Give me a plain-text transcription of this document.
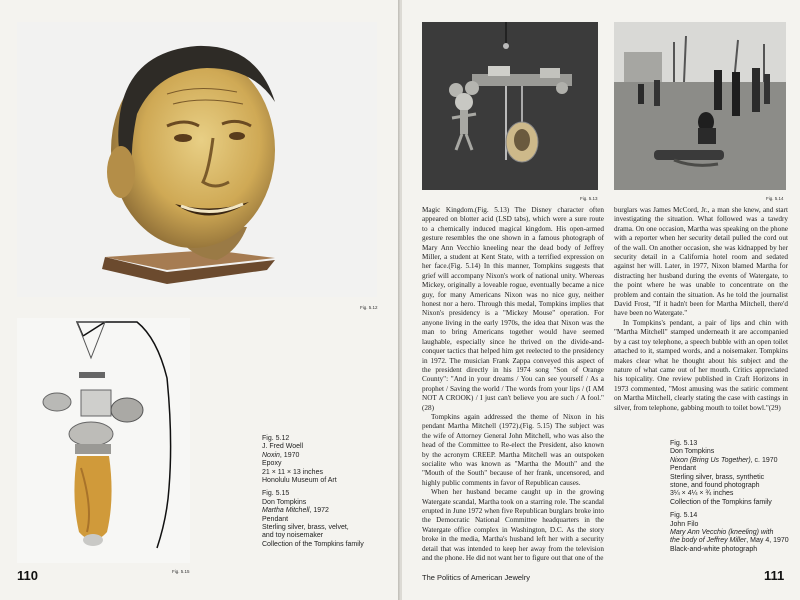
Fig. 5.12
Fig. 5.15

Fig. 5.12
J. Fred Woell
Noxin, 1970
Epoxy
21 × 11 × 13 inches
Honolulu Museum of Art

Fig. 5.15
Don Tompkins
Martha Mitchell, 1972
Pendant
Sterling silver, brass, velvet,
and toy noisemaker
Collection of the Tompkins family

110
Fig. 5.13	Fig. 5.14

Magic Kingdom.(Fig. 5.13) The Disney character often appeared on blotter acid (LSD tabs), which were a sure route to a chemically induced magical kingdom. His open-armed gesture resembles the one shown in a famous photograph of Mary Ann Vecchio kneeling near the dead body of Jeffrey Miller, a student at Kent State, with a terrified expression on her face.(Fig. 5.14) In this manner, Tompkins suggests that grief will accompany Nixon's work of national unity. Whereas Mickey, originally a loveable rogue, eventually became a nice guy, for many Americans Nixon was no nice guy, neither honest nor a hero. Through this medal, Tompkins implies that Nixon's presidency is a "Mickey Mouse" operation. For anyone living in the early 1970s, the idea that Nixon was the man to bring Americans together would have seemed laughable, especially since he thrived on the divide-and-conquer tactics that helped him get reelected to the presidency in 1972. The musician Frank Zappa conveyed this aspect of the president directly in his 1974 song "Son of Orange County": "And in your dreams / You can see yourself / As a prophet / Saving the world / The words from your lips / (I AM NOT A CROOK) / I just can't believe you are such / A fool."(28)

Tompkins again addressed the theme of Nixon in his pendant Martha Mitchell (1972).(Fig. 5.15) The subject was the wife of Attorney General John Mitchell, who was also the head of the Committee to Re-elect the President, also known by the acronym CREEP. Martha Mitchell was an outspoken socialite who was known as "Martha the Mouth" and the "Mouth of the South" because of her frank, uncensored, and highly public comments in favor of Republican causes.

When her husband became caught up in the growing Watergate scandal, Martha took on a starring role. The scandal erupted in June 1972 when five Republican burglars broke into the Democratic National Committee headquarters in the Watergate office complex in Washington, D.C. As the story broke in the media, Martha's husband left her with a security detail that was intended to keep her away from the television and the phone. He did not want her to figure out that one of the

burglars was James McCord, Jr., a man she knew, and start investigating the situation. What followed was a tawdry drama. On one occasion, Martha was speaking on the phone with a reporter when her security detail pulled the cord out of the wall. On another occasion, she was kidnapped by her security detail in a California hotel room and sedated against her will. Later, in 1977, Nixon blamed Martha for distracting her husband during the events of Watergate, to the point where he was unable to concentrate on the problem and contain the situation. As he told the journalist David Frost, "If it hadn't been for Martha Mitchell, there'd have been no Watergate."

In Tompkins's pendant, a pair of lips and chin with "Martha Mitchell" stamped underneath it are accompanied by a cast toy telephone, a speech bubble with an open toilet attached to it, stamped words, and a noisemaker. Tompkins makes clear what he thought about his subject and the nature of what came out of her mouth. Critics appreciated his topicality. One review published in Craft Horizons in 1973 commented, "Most amusing was the satiric comment on Martha Mitchell, clearly stating the case with castings in silver, from telephone, gabbing mouth to toilet bowl."(29)

Fig. 5.13
Don Tompkins
Nixon (Bring Us Together), c. 1970
Pendant
Sterling silver, brass, synthetic
stone, and found photograph
3¼ × 4¼ × ¾ inches
Collection of the Tompkins family

Fig. 5.14
John Filo
Mary Ann Vecchio (kneeling) with
the body of Jeffrey Miller, May 4, 1970
Black-and-white photograph

The Politics of American Jewelry	111
